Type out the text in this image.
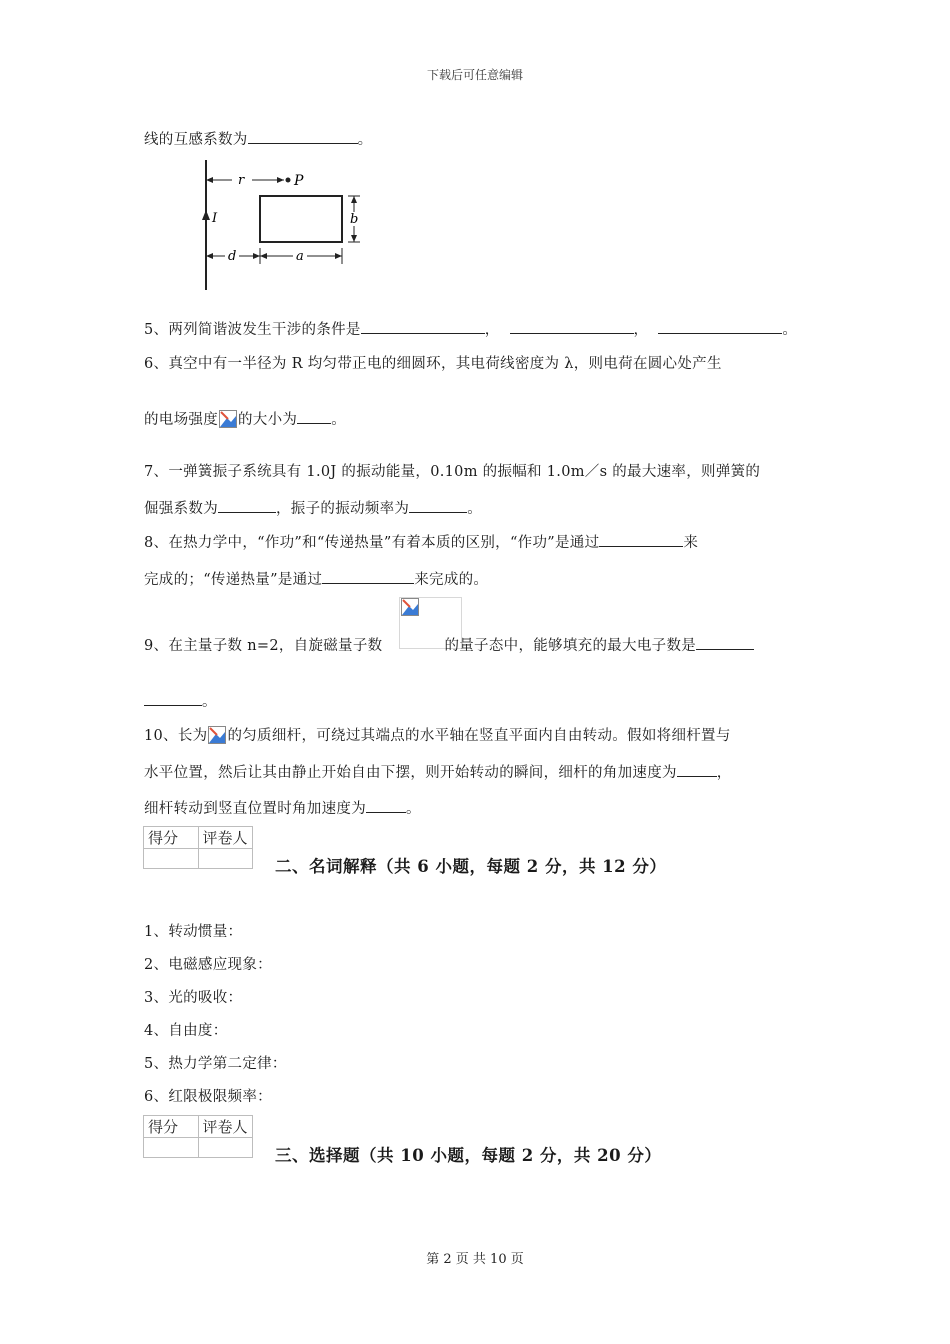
下载后可任意编辑
线的互感系数为	。
I
r	P
b
d	a
5、两列简谐波发生干涉的条件是	，	，	。
6、真空中有一半径为 R 均匀带正电的细圆环，其电荷线密度为 λ，则电荷在圆心处产生
的电场强度 的大小为 。
7、一弹簧振子系统具有 1.0J 的振动能量，0.10m 的振幅和 1.0m／s 的最大速率，则弹簧的
倔强系数为	，振子的振动频率为	。
8、在热力学中，“作功”和“传递热量”有着本质的区别，“作功”是通过	来
完成的；“传递热量”是通过	来完成的。
9、在主量子数 n=2，自旋磁量子数	的量子态中，能够填充的最大电子数是
。
10、长为 的匀质细杆，可绕过其端点的水平轴在竖直平面内自由转动。假如将细杆置与
水平位置，然后让其由静止开始自由下摆，则开始转动的瞬间，细杆的角加速度为	，
细杆转动到竖直位置时角加速度为	。
得分	评卷人

二、名词解释（共 6 小题，每题 2 分，共 12 分）
1、转动惯量：
2、电磁感应现象：
3、光的吸收：
4、自由度：
5、热力学第二定律：
6、红限极限频率：
得分	评卷人

三、选择题（共 10 小题，每题 2 分，共 20 分）
第 2 页 共 10 页
